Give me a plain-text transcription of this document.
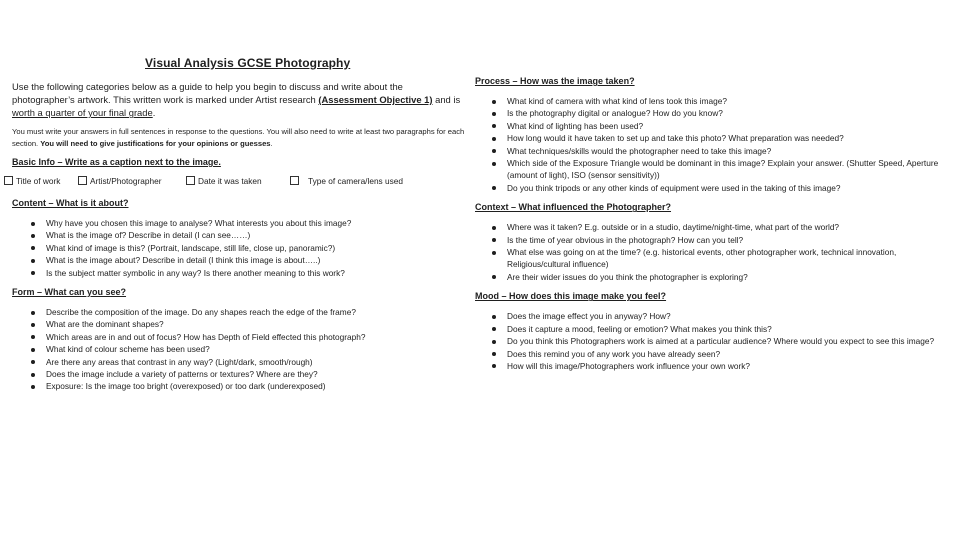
Visual Analysis GCSE Photography

Use the following categories below as a guide to help you begin to discuss and write about the photographer’s artwork. This written work is marked under Artist research (Assessment Objective 1) and is worth a quarter of your final grade.

You must write your answers in full sentences in response to the questions. You will also need to write at least two paragraphs for each section. You will need to give justifications for your opinions or guesses.

Basic Info – Write as a caption next to the image.
Title of work	Artist/Photographer	Date it was taken	Type of camera/lens used
Content – What is it about?
Why have you chosen this image to analyse? What interests you about this image?
What is the image of? Describe in detail (I can see……)
What kind of image is this? (Portrait, landscape, still life, close up, panoramic?)
What is the image about? Describe in detail (I think this image is about…..)
Is the subject matter symbolic in any way? Is there another meaning to this work?
Form – What can you see?
Describe the composition of the image. Do any shapes reach the edge of the frame?
What are the dominant shapes?
Which areas are in and out of focus? How has Depth of Field effected this photograph?
What kind of colour scheme has been used?
Are there any areas that contrast in any way? (Light/dark, smooth/rough)
Does the image include a variety of patterns or textures? Where are they?
Exposure: Is the image too bright (overexposed) or too dark (underexposed)
Process – How was the image taken?
What kind of camera with what kind of lens took this image?
Is the photography digital or analogue? How do you know?
What kind of lighting has been used?
How long would it have taken to set up and take this photo? What preparation was needed?
What techniques/skills would the photographer need to take this image?
Which side of the Exposure Triangle would be dominant in this image? Explain your answer. (Shutter Speed, Aperture (amount of light), ISO (sensor sensitivity))
Do you think tripods or any other kinds of equipment were used in the taking of this image?
Context – What influenced the Photographer?
Where was it taken? E.g. outside or in a studio, daytime/night-time, what part of the world?
Is the time of year obvious in the photograph? How can you tell?
What else was going on at the time? (e.g. historical events, other photographer work, technical innovation, Religious/cultural influence)
Are their wider issues do you think the photographer is exploring?
Mood – How does this image make you feel?
Does the image effect you in anyway? How?
Does it capture a mood, feeling or emotion? What makes you think this?
Do you think this Photographers work is aimed at a particular audience? Where would you expect to see this image?
Does this remind you of any work you have already seen?
How will this image/Photographers work influence your own work?
